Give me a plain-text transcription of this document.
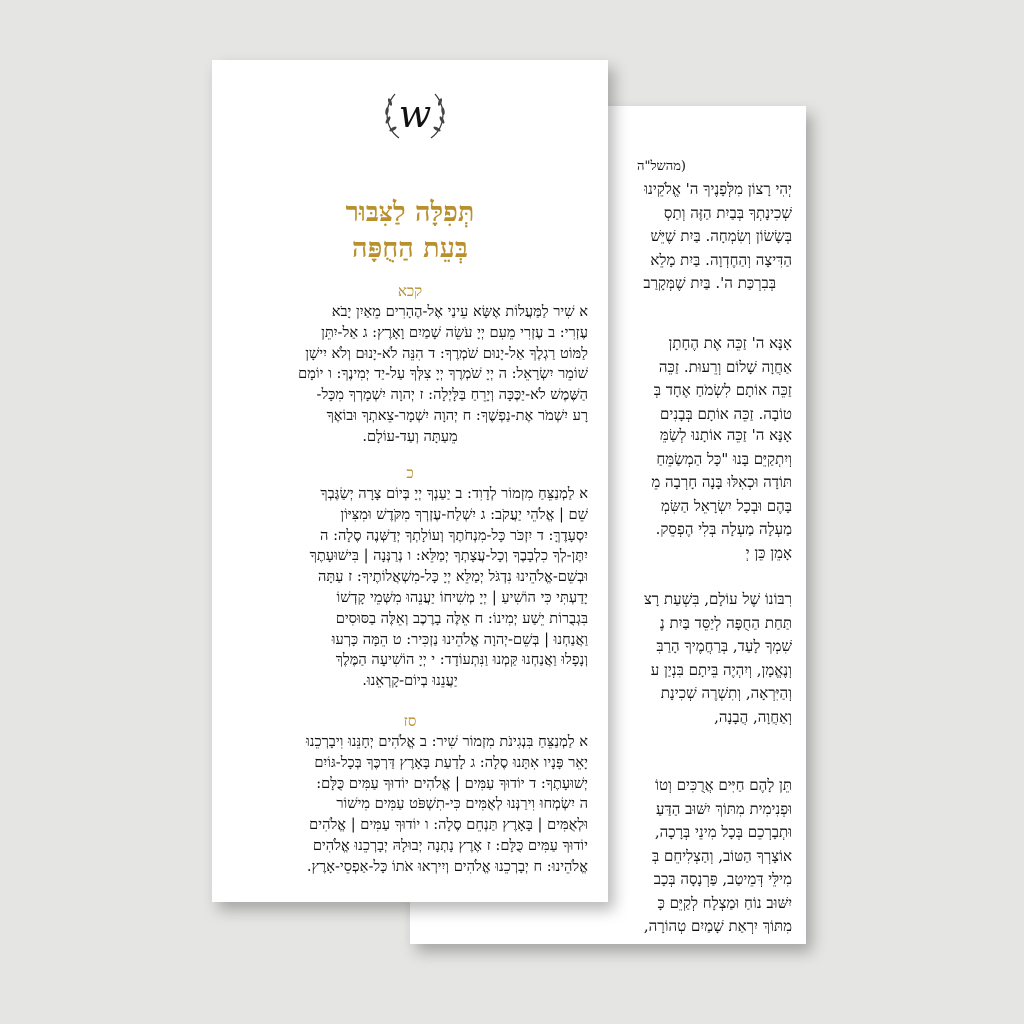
(מהשל"ה
יְהִי רָצוֹן מִלְּפָנֶיךָ ה' אֱלֹקֵינוּ
שְׁכִינָתְךָ בְּבַיִת הַזֶּה וְתַסְ
בְּשָׂשׂוֹן וְשִׂמְחָה. בַּיִת שֶׁיֵּשׁ
הַדִּיצָה וְהַחֶדְוָה. בַּיִת מָלֵא
בְּבִרְכַּת ה'. בַּיִת שֶׁמְּקָרַב
אָנָּא ה' זַכֵּה אֶת הֶחָתָן
אַחֲוָה שָׁלוֹם וְרֵעוּת. זַכֵּה
זַכֵּה אוֹתָם לִשְׂמֹחַ אֶחָד בְּ
טוֹבָה. זַכֵּה אוֹתָם בְּבָנִים
אָנָּא ה' זַכֵּה אוֹתָנוּ לְשַׂמֵּ
וְיִתְקַיֵּם בָּנוּ "כָּל הַמְשַׂמֵּחַ
תּוֹדָה וּכְאִלּוּ בָּנָה חָרְבָה מֵ
בָּהֶם וּבְכָל יִשְׂרָאֵל הַשִּׂמְ
מַעְלָה מַעְלָה בְּלִי הֶפְסֵק.
אָמֵן כֵּן יְ
רִבּוֹנוֹ שֶׁל עוֹלָם, בִּשְׁעַת רָצ
תַּחַת הַחֻפָּה לְיַסֵּד בַּיִת נֶ
שִׁמְךָ לָעַד, בְּרַחֲמֶיךָ הָרַבִּ
וְנֶאֱמָן, וְיִהְיֶה בֵּיתָם בִּנְיַן ע
וְהַיִּרְאָה, וְתִשְׁרֶה שְׁכִינָת
וְאַחֲוָה, הֲבָנָה,
תֵּן לָהֶם חַיִּים אֲרֻכִּים וְטוֹ
וּפְנִימִית מִתּוֹךְ יִשּׁוּב הַדַּעַ
וּתְבָרְכֵם בְּכָל מִינֵי בְּרָכָה,
אוֹצָרְךָ הַטּוֹב, וְהַצְלִיחֵם בְּ
מִילֵּי דְּמֵיטַב, פַּרְנָסָה בְּכָב
יִשּׁוּב נוֹחַ וּמַצְלָח לְקַיֵּם כָּ
מִתּוֹךְ יִרְאַת שָׁמַיִם טְהוֹרָה,
w
תְּפִלָּה לַצִּבּוּר
בְּעֵת הַחֻפָּה
קכא
א שִׁיר לַמַּעֲלוֹת אֶשָּׂא עֵינַי אֶל-הֶהָרִים מֵאַיִן יָבֹא
עֶזְרִי: ב עֶזְרִי מֵעִם יְיָ עֹשֵׂה שָׁמַיִם וָאָרֶץ: ג אַל-יִתֵּן
לַמּוֹט רַגְלֶךָ אַל-יָנוּם שֹׁמְרֶךָ: ד הִנֵּה לֹא-יָנוּם וְלֹא יִישָׁן
שׁוֹמֵר יִשְׂרָאֵל: ה יְיָ שֹׁמְרֶךָ יְיָ צִלְּךָ עַל-יַד יְמִינֶךָ: ו יוֹמָם
הַשֶּׁמֶשׁ לֹא-יַכֶּכָּה וְיָרֵחַ בַּלָּיְלָה: ז יְהוָה יִשְׁמָרְךָ מִכָּל-
רָע יִשְׁמֹר אֶת-נַפְשֶׁךָ: ח יְהוָה יִשְׁמָר-צֵאתְךָ וּבוֹאֶךָ
מֵעַתָּה וְעַד-עוֹלָם.
כ
א לַמְנַצֵּחַ מִזְמוֹר לְדָוִד: ב יַעַנְךָ יְיָ בְּיוֹם צָרָה יְשַׂגֶּבְךָ
שֵׁם | אֱלֹהֵי יַעֲקֹב: ג יִשְׁלַח-עֶזְרְךָ מִקֹּדֶשׁ וּמִצִּיּוֹן
יִסְעָדֶךָּ: ד יִזְכֹּר כָּל-מִנְחֹתֶךָ וְעוֹלָתְךָ יְדַשְּׁנֶה סֶלָה: ה
יִתֶּן-לְךָ כִלְבָבֶךָ וְכָל-עֲצָתְךָ יְמַלֵּא: ו נְרַנְּנָה | בִּישׁוּעָתֶךָ
וּבְשֵׁם-אֱלֹהֵינוּ נִדְגֹּל יְמַלֵּא יְיָ כָּל-מִשְׁאֲלוֹתֶיךָ: ז עַתָּה
יָדַעְתִּי כִּי הוֹשִׁיעַ | יְיָ מְשִׁיחוֹ יַעֲנֵהוּ מִשְּׁמֵי קָדְשׁוֹ
בִּגְבֻרוֹת יֵשַׁע יְמִינוֹ: ח אֵלֶּה בָרֶכֶב וְאֵלֶּה בַסּוּסִים
וַאֲנַחְנוּ | בְּשֵׁם-יְהוָה אֱלֹהֵינוּ נַזְכִּיר: ט הֵמָּה כָּרְעוּ
וְנָפָלוּ וַאֲנַחְנוּ קַּמְנוּ וַנִּתְעוֹדָד: י יְיָ הוֹשִׁיעָה הַמֶּלֶךְ
יַעֲנֵנוּ בְיוֹם-קָרְאֵנוּ.
סז
א לַמְנַצֵּחַ בִּנְגִינֹת מִזְמוֹר שִׁיר: ב אֱלֹהִים יְחָנֵּנוּ וִיבָרְכֵנוּ
יָאֵר פָּנָיו אִתָּנוּ סֶלָה: ג לָדַעַת בָּאָרֶץ דַּרְכֶּךָ בְּכָל-גּוֹיִם
יְשׁוּעָתֶךָ: ד יוֹדוּךָ עַמִּים | אֱלֹהִים יוֹדוּךָ עַמִּים כֻּלָּם:
ה יִשְׂמְחוּ וִירַנְּנוּ לְאֻמִּים כִּי-תִשְׁפֹּט עַמִּים מִישׁוֹר
וּלְאֻמִּים | בָּאָרֶץ תַּנְחֵם סֶלָה: ו יוֹדוּךָ עַמִּים | אֱלֹהִים
יוֹדוּךָ עַמִּים כֻּלָּם: ז אֶרֶץ נָתְנָה יְבוּלָהּ יְבָרְכֵנוּ אֱלֹהִים
אֱלֹהֵינוּ: ח יְבָרְכֵנוּ אֱלֹהִים וְיִירְאוּ אֹתוֹ כָּל-אַפְסֵי-אָרֶץ.
